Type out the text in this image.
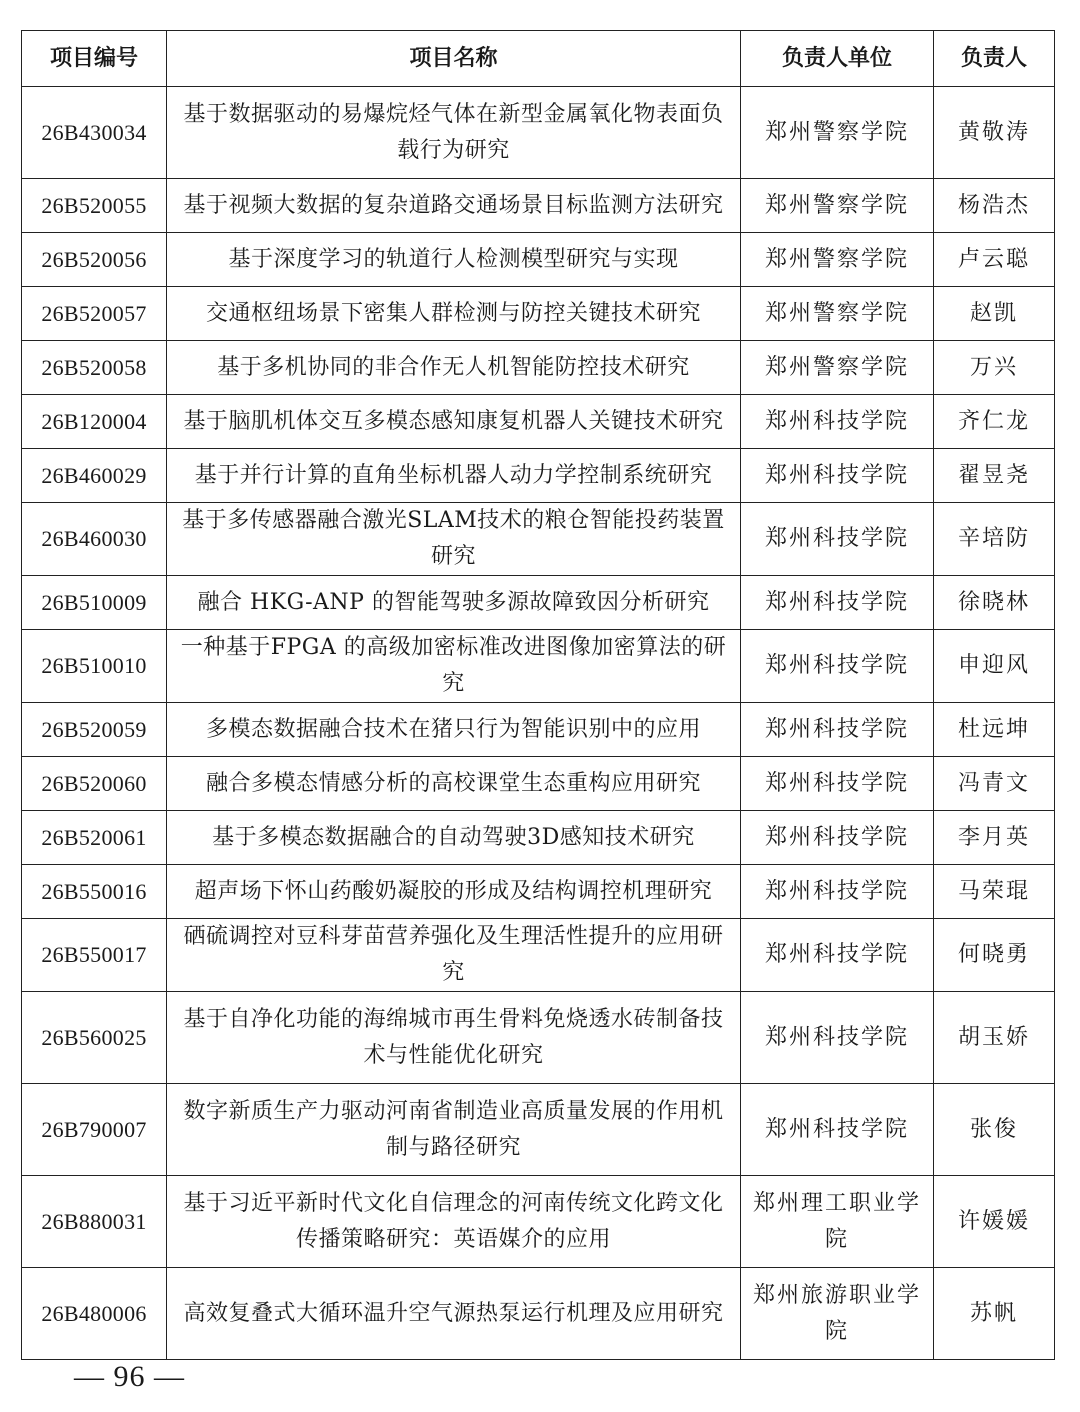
项目编号	项目名称	负责人单位	负责人
26B430034	基于数据驱动的易爆烷烃气体在新型金属氧化物表面负载行为研究	郑州警察学院	黄敬涛
26B520055	基于视频大数据的复杂道路交通场景目标监测方法研究	郑州警察学院	杨浩杰
26B520056	基于深度学习的轨道行人检测模型研究与实现	郑州警察学院	卢云聪
26B520057	交通枢纽场景下密集人群检测与防控关键技术研究	郑州警察学院	赵凯
26B520058	基于多机协同的非合作无人机智能防控技术研究	郑州警察学院	万兴
26B120004	基于脑肌机体交互多模态感知康复机器人关键技术研究	郑州科技学院	齐仁龙
26B460029	基于并行计算的直角坐标机器人动力学控制系统研究	郑州科技学院	翟昱尧
26B460030	基于多传感器融合激光SLAM技术的粮仓智能投药装置研究	郑州科技学院	辛培防
26B510009	融合 HKG-ANP 的智能驾驶多源故障致因分析研究	郑州科技学院	徐晓林
26B510010	一种基于FPGA 的高级加密标准改进图像加密算法的研究	郑州科技学院	申迎风
26B520059	多模态数据融合技术在猪只行为智能识别中的应用	郑州科技学院	杜远坤
26B520060	融合多模态情感分析的高校课堂生态重构应用研究	郑州科技学院	冯青文
26B520061	基于多模态数据融合的自动驾驶3D感知技术研究	郑州科技学院	李月英
26B550016	超声场下怀山药酸奶凝胶的形成及结构调控机理研究	郑州科技学院	马荣琨
26B550017	硒硫调控对豆科芽苗营养强化及生理活性提升的应用研究	郑州科技学院	何晓勇
26B560025	基于自净化功能的海绵城市再生骨料免烧透水砖制备技术与性能优化研究	郑州科技学院	胡玉娇
26B790007	数字新质生产力驱动河南省制造业高质量发展的作用机制与路径研究	郑州科技学院	张俊
26B880031	基于习近平新时代文化自信理念的河南传统文化跨文化传播策略研究：英语媒介的应用	郑州理工职业学院	许媛媛
26B480006	高效复叠式大循环温升空气源热泵运行机理及应用研究	郑州旅游职业学院	苏帆
— 96 —
